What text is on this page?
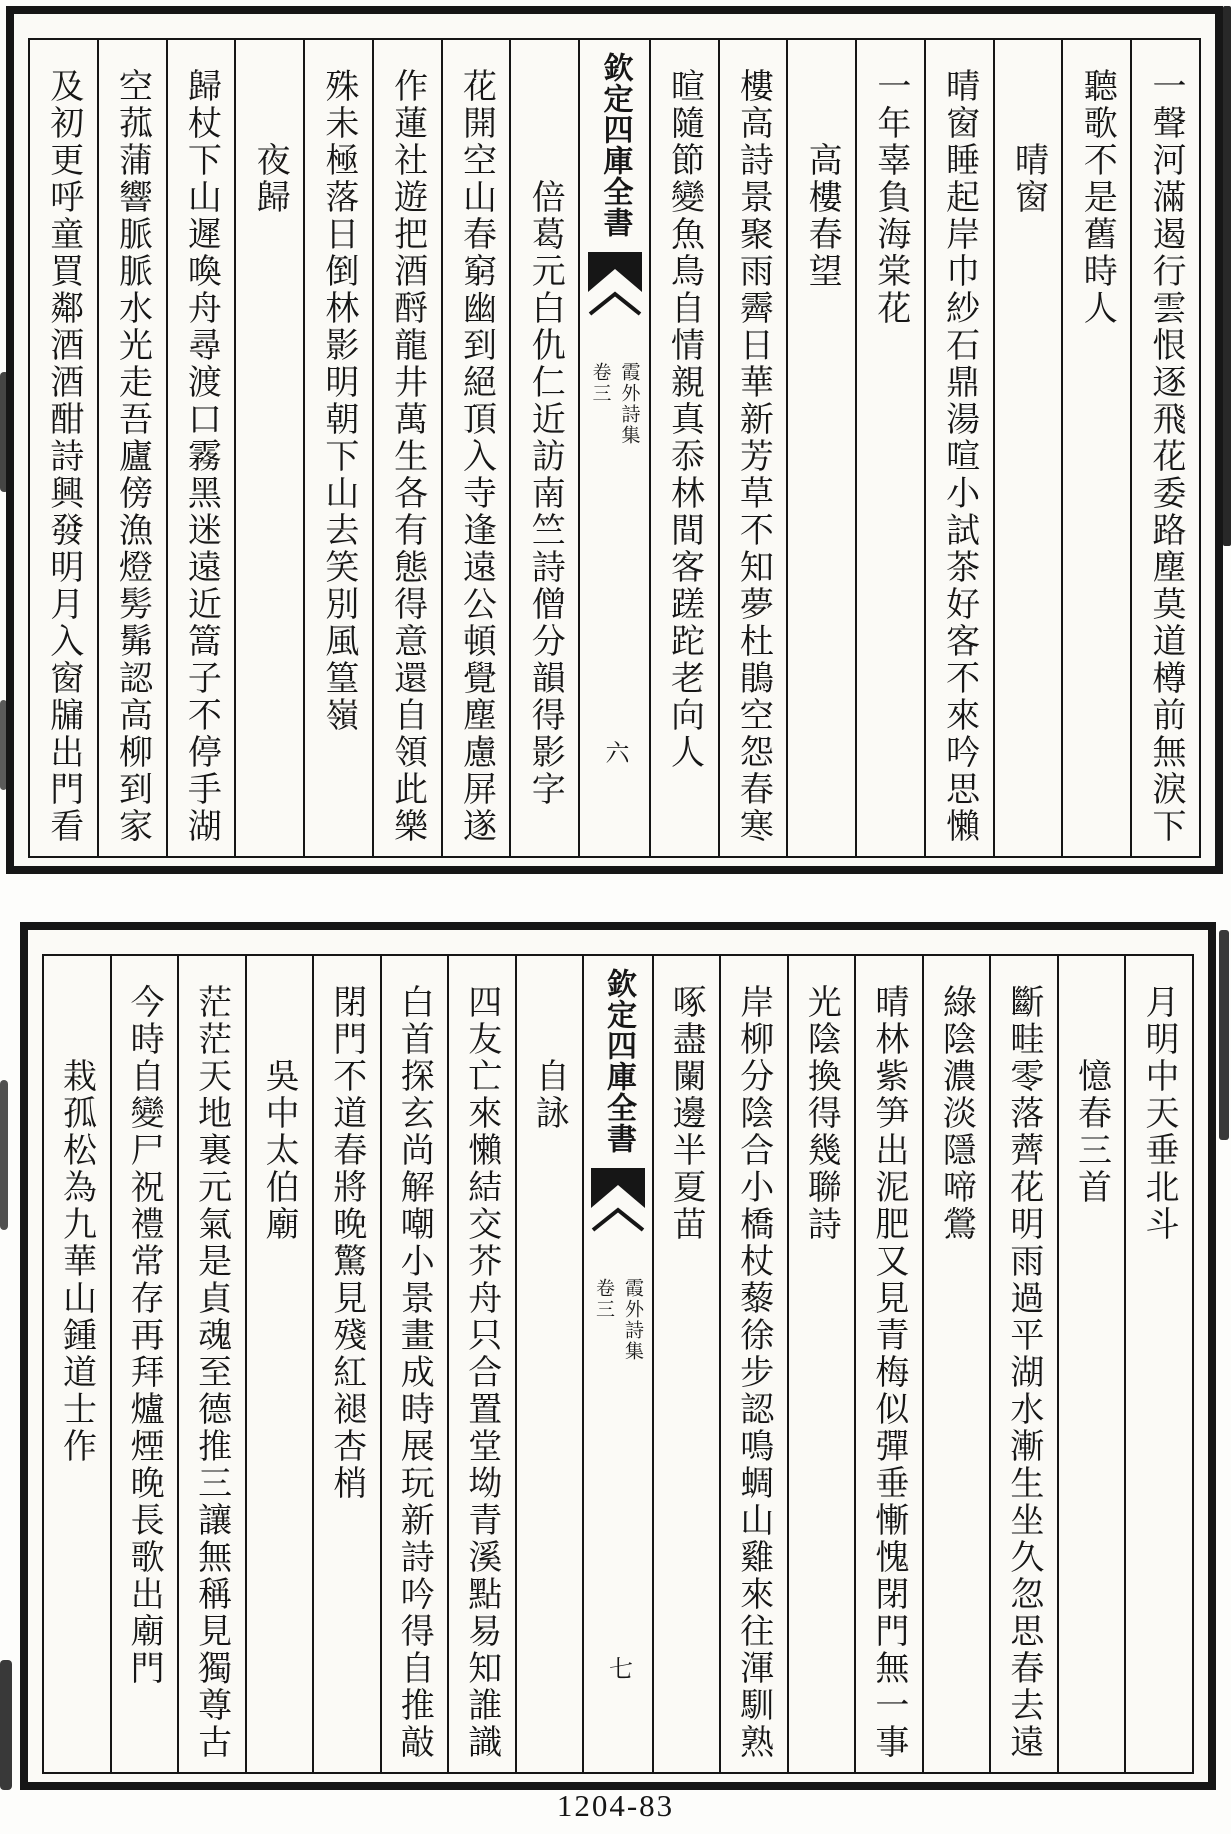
一聲河滿遏行雲恨逐飛花委路塵莫道樽前無淚下
聽歌不是舊時人
　　晴窗
晴窗睡起岸巾紗石鼎湯喧小試茶好客不來吟思懶
一年辜負海棠花
　　高樓春望
樓高詩景聚雨霽日華新芳草不知夢杜鵑空怨春寒
暄隨節變魚鳥自情親真忝林間客蹉跎老向人
欽定四庫全書
卷三 霞外詩集
六
　　　倍葛元白仇仁近訪南竺詩僧分韻得影字
花開空山春窮幽到絕頂入寺逢遠公頓覺塵慮屏遂
作蓮社遊把酒酹龍井萬生各有態得意還自領此樂
殊未極落日倒林影明朝下山去笑別風篁嶺
　　夜歸
歸杖下山遲喚舟尋渡口霧黑迷遠近篙子不停手湖
空菰蒲響脈脈水光走吾廬傍漁燈髣髴認高柳到家
及初更呼童買鄰酒酒酣詩興發明月入窗牖出門看
月明中天垂北斗
　　憶春三首
斷畦零落薺花明雨過平湖水漸生坐久忽思春去遠
綠陰濃淡隱啼鶯
晴林紫笋出泥肥又見青梅似彈垂慚愧閉門無一事
光陰換得幾聯詩
岸柳分陰合小橋杖藜徐步認鳴蜩山雞來往渾馴熟
啄盡闌邊半夏苗
欽定四庫全書
卷三 霞外詩集
七
　　自詠
四友亡來懶結交芥舟只合置堂坳青溪點易知誰識
白首探玄尚解嘲小景畫成時展玩新詩吟得自推敲
閉門不道春將晚驚見殘紅褪杏梢
　　吳中太伯廟
茫茫天地裏元氣是貞魂至德推三讓無稱見獨尊古
今時自變尸祝禮常存再拜爐煙晚長歌出廟門
　　栽孤松為九華山鍾道士作
1204-83
